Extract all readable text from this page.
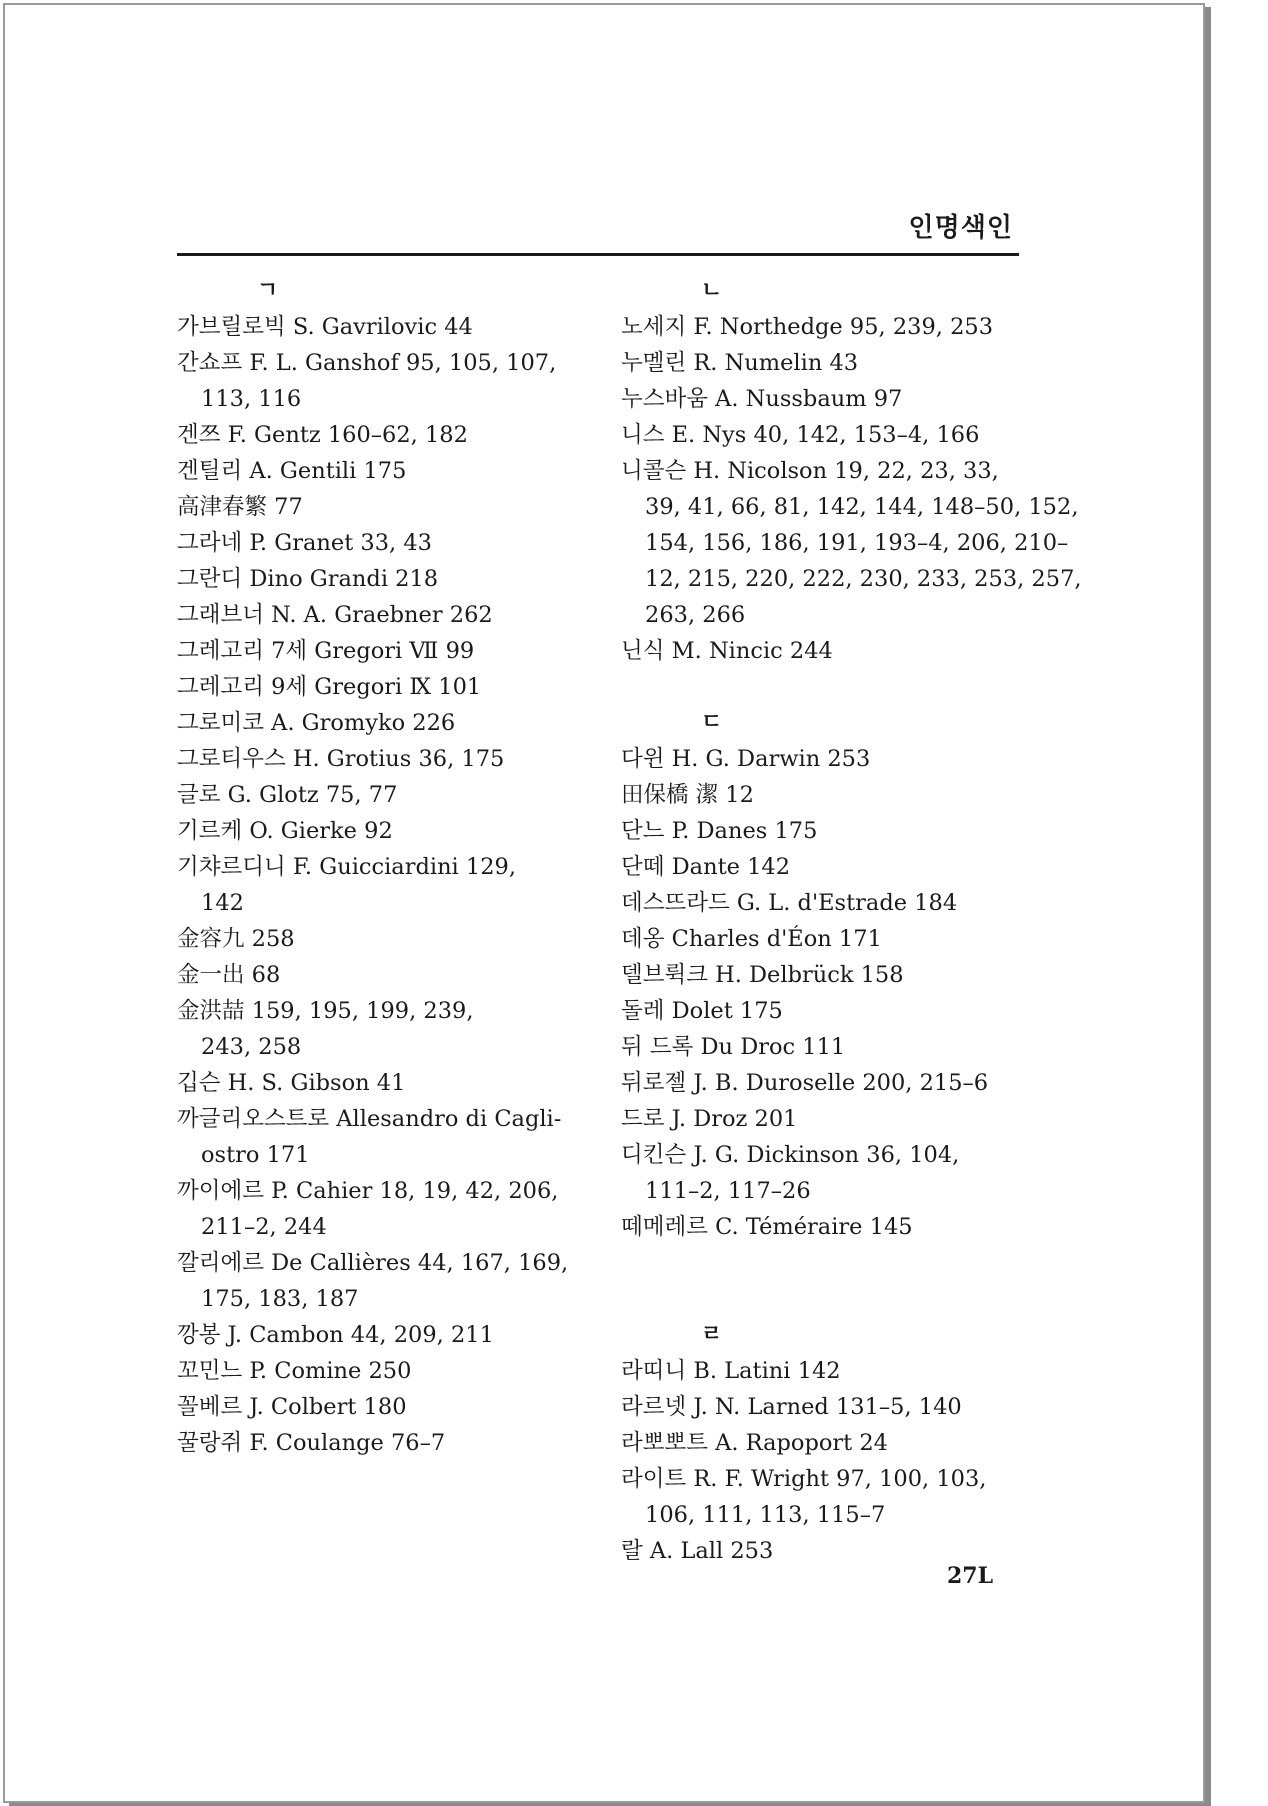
인명색인
ㄱ
가브릴로빅 S. Gavrilovic 44
간쇼프 F. L. Ganshof 95, 105, 107,
113, 116
겐쯔 F. Gentz 160–62, 182
겐틸리 A. Gentili 175
高津春繁 77
그라네 P. Granet 33, 43
그란디 Dino Grandi 218
그래브너 N. A. Graebner 262
그레고리 7세 Gregori Ⅶ 99
그레고리 9세 Gregori Ⅸ 101
그로미코 A. Gromyko 226
그로티우스 H. Grotius 36, 175
글로 G. Glotz 75, 77
기르케 O. Gierke 92
기챠르디니 F. Guicciardini 129,
142
金容九 258
金一出 68
金洪喆 159, 195, 199, 239,
243, 258
깁슨 H. S. Gibson 41
까글리오스트로 Allesandro di Cagli-
ostro 171
까이에르 P. Cahier 18, 19, 42, 206,
211–2, 244
깔리에르 De Callières 44, 167, 169,
175, 183, 187
깡봉 J. Cambon 44, 209, 211
꼬민느 P. Comine 250
꼴베르 J. Colbert 180
꿀랑쥐 F. Coulange 76–7
ㄴ
노세지 F. Northedge 95, 239, 253
누멜린 R. Numelin 43
누스바움 A. Nussbaum 97
니스 E. Nys 40, 142, 153–4, 166
니콜슨 H. Nicolson 19, 22, 23, 33,
39, 41, 66, 81, 142, 144, 148–50, 152,
154, 156, 186, 191, 193–4, 206, 210–
12, 215, 220, 222, 230, 233, 253, 257,
263, 266
닌식 M. Nincic 244
ㄷ
다윈 H. G. Darwin 253
田保橋 潔 12
단느 P. Danes 175
단떼 Dante 142
데스뜨라드 G. L. d'Estrade 184
데옹 Charles d'Éon 171
델브뤽크 H. Delbrück 158
돌레 Dolet 175
뒤 드록 Du Droc 111
뒤로젤 J. B. Duroselle 200, 215–6
드로 J. Droz 201
디킨슨 J. G. Dickinson 36, 104,
111–2, 117–26
떼메레르 C. Téméraire 145
ㄹ
라띠니 B. Latini 142
라르넷 J. N. Larned 131–5, 140
라뽀뽀트 A. Rapoport 24
라이트 R. F. Wright 97, 100, 103,
106, 111, 113, 115–7
랄 A. Lall 253
27L
